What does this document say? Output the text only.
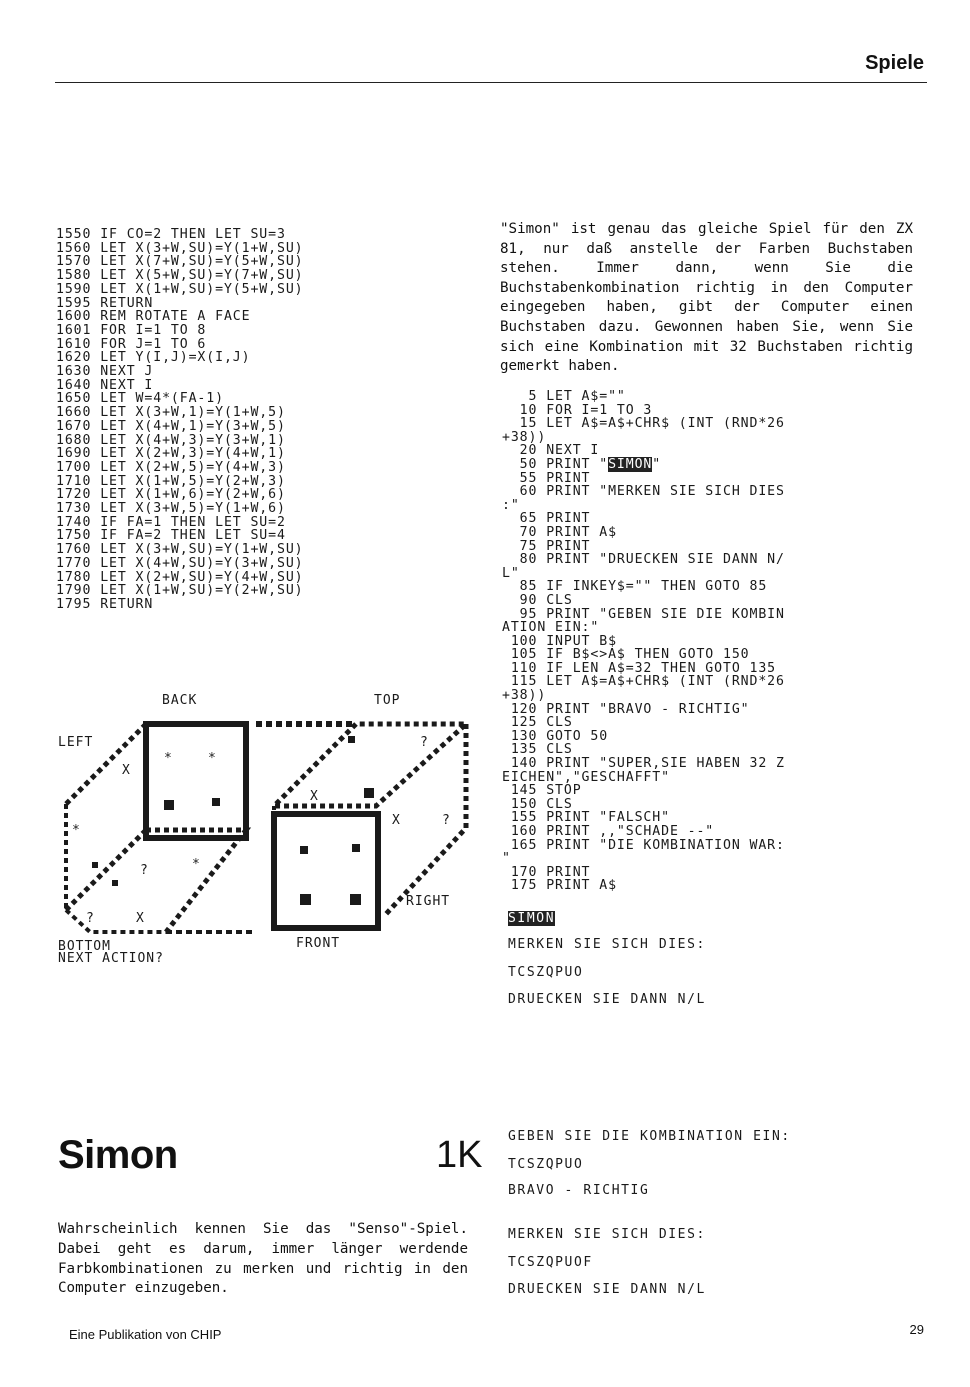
Spiele
1550 IF CO=2 THEN LET SU=3
1560 LET X(3+W,SU)=Y(1+W,SU)
1570 LET X(7+W,SU)=Y(5+W,SU)
1580 LET X(5+W,SU)=Y(7+W,SU)
1590 LET X(1+W,SU)=Y(5+W,SU)
1595 RETURN
1600 REM ROTATE A FACE
1601 FOR I=1 TO 8
1610 FOR J=1 TO 6
1620 LET Y(I,J)=X(I,J)
1630 NEXT J
1640 NEXT I
1650 LET W=4*(FA-1)
1660 LET X(3+W,1)=Y(1+W,5)
1670 LET X(4+W,1)=Y(3+W,5)
1680 LET X(4+W,3)=Y(3+W,1)
1690 LET X(2+W,3)=Y(4+W,1)
1700 LET X(2+W,5)=Y(4+W,3)
1710 LET X(1+W,5)=Y(2+W,3)
1720 LET X(1+W,6)=Y(2+W,6)
1730 LET X(3+W,5)=Y(1+W,6)
1740 IF FA=1 THEN LET SU=2
1750 IF FA=2 THEN LET SU=4
1760 LET X(3+W,SU)=Y(1+W,SU)
1770 LET X(4+W,SU)=Y(3+W,SU)
1780 LET X(2+W,SU)=Y(4+W,SU)
1790 LET X(1+W,SU)=Y(2+W,SU)
1795 RETURN
BACK	TOP
LEFT
RIGHT
BOTTOM	FRONT
NEXT ACTION?
*	*
X
*
?	*
?	X
?
X
X	?
"Simon" ist genau das gleiche Spiel für den ZX 81, nur daß anstelle der Farben Buchstaben stehen. Immer dann, wenn Sie die Buchstabenkombination richtig in den Computer eingegeben haben, gibt der Computer einen Buchstaben dazu. Gewonnen haben Sie, wenn Sie sich eine Kombination mit 32 Buchstaben richtig gemerkt haben.
5 LET A$=""
10 FOR I=1 TO 3
15 LET A$=A$+CHR$ (INT (RND*26
+38))
20 NEXT I
50 PRINT "SIMON"
55 PRINT
60 PRINT "MERKEN SIE SICH DIES
:"
65 PRINT
70 PRINT A$
75 PRINT
80 PRINT "DRUECKEN SIE DANN N/
L"
85 IF INKEY$="" THEN GOTO 85
90 CLS
95 PRINT "GEBEN SIE DIE KOMBIN
ATION EIN:"
100 INPUT B$
105 IF B$<>A$ THEN GOTO 150
110 IF LEN A$=32 THEN GOTO 135
115 LET A$=A$+CHR$ (INT (RND*26
+38))
120 PRINT "BRAVO - RICHTIG"
125 CLS
130 GOTO 50
135 CLS
140 PRINT "SUPER,SIE HABEN 32 Z
EICHEN","GESCHAFFT"
145 STOP
150 CLS
155 PRINT "FALSCH"
160 PRINT ,,"SCHADE --"
165 PRINT "DIE KOMBINATION WAR:
"
170 PRINT
175 PRINT A$
SIMON
MERKEN SIE SICH DIES:
TCSZQPUO
DRUECKEN SIE DANN N/L
GEBEN SIE DIE KOMBINATION EIN:
TCSZQPUO
BRAVO - RICHTIG
MERKEN SIE SICH DIES:
TCSZQPUOF
DRUECKEN SIE DANN N/L
Simon	1K
Wahrscheinlich kennen Sie das "Senso"-Spiel. Dabei geht es darum, immer länger werdende Farbkombinationen zu merken und richtig in den Computer einzugeben.
Eine Publikation von CHIP	29
